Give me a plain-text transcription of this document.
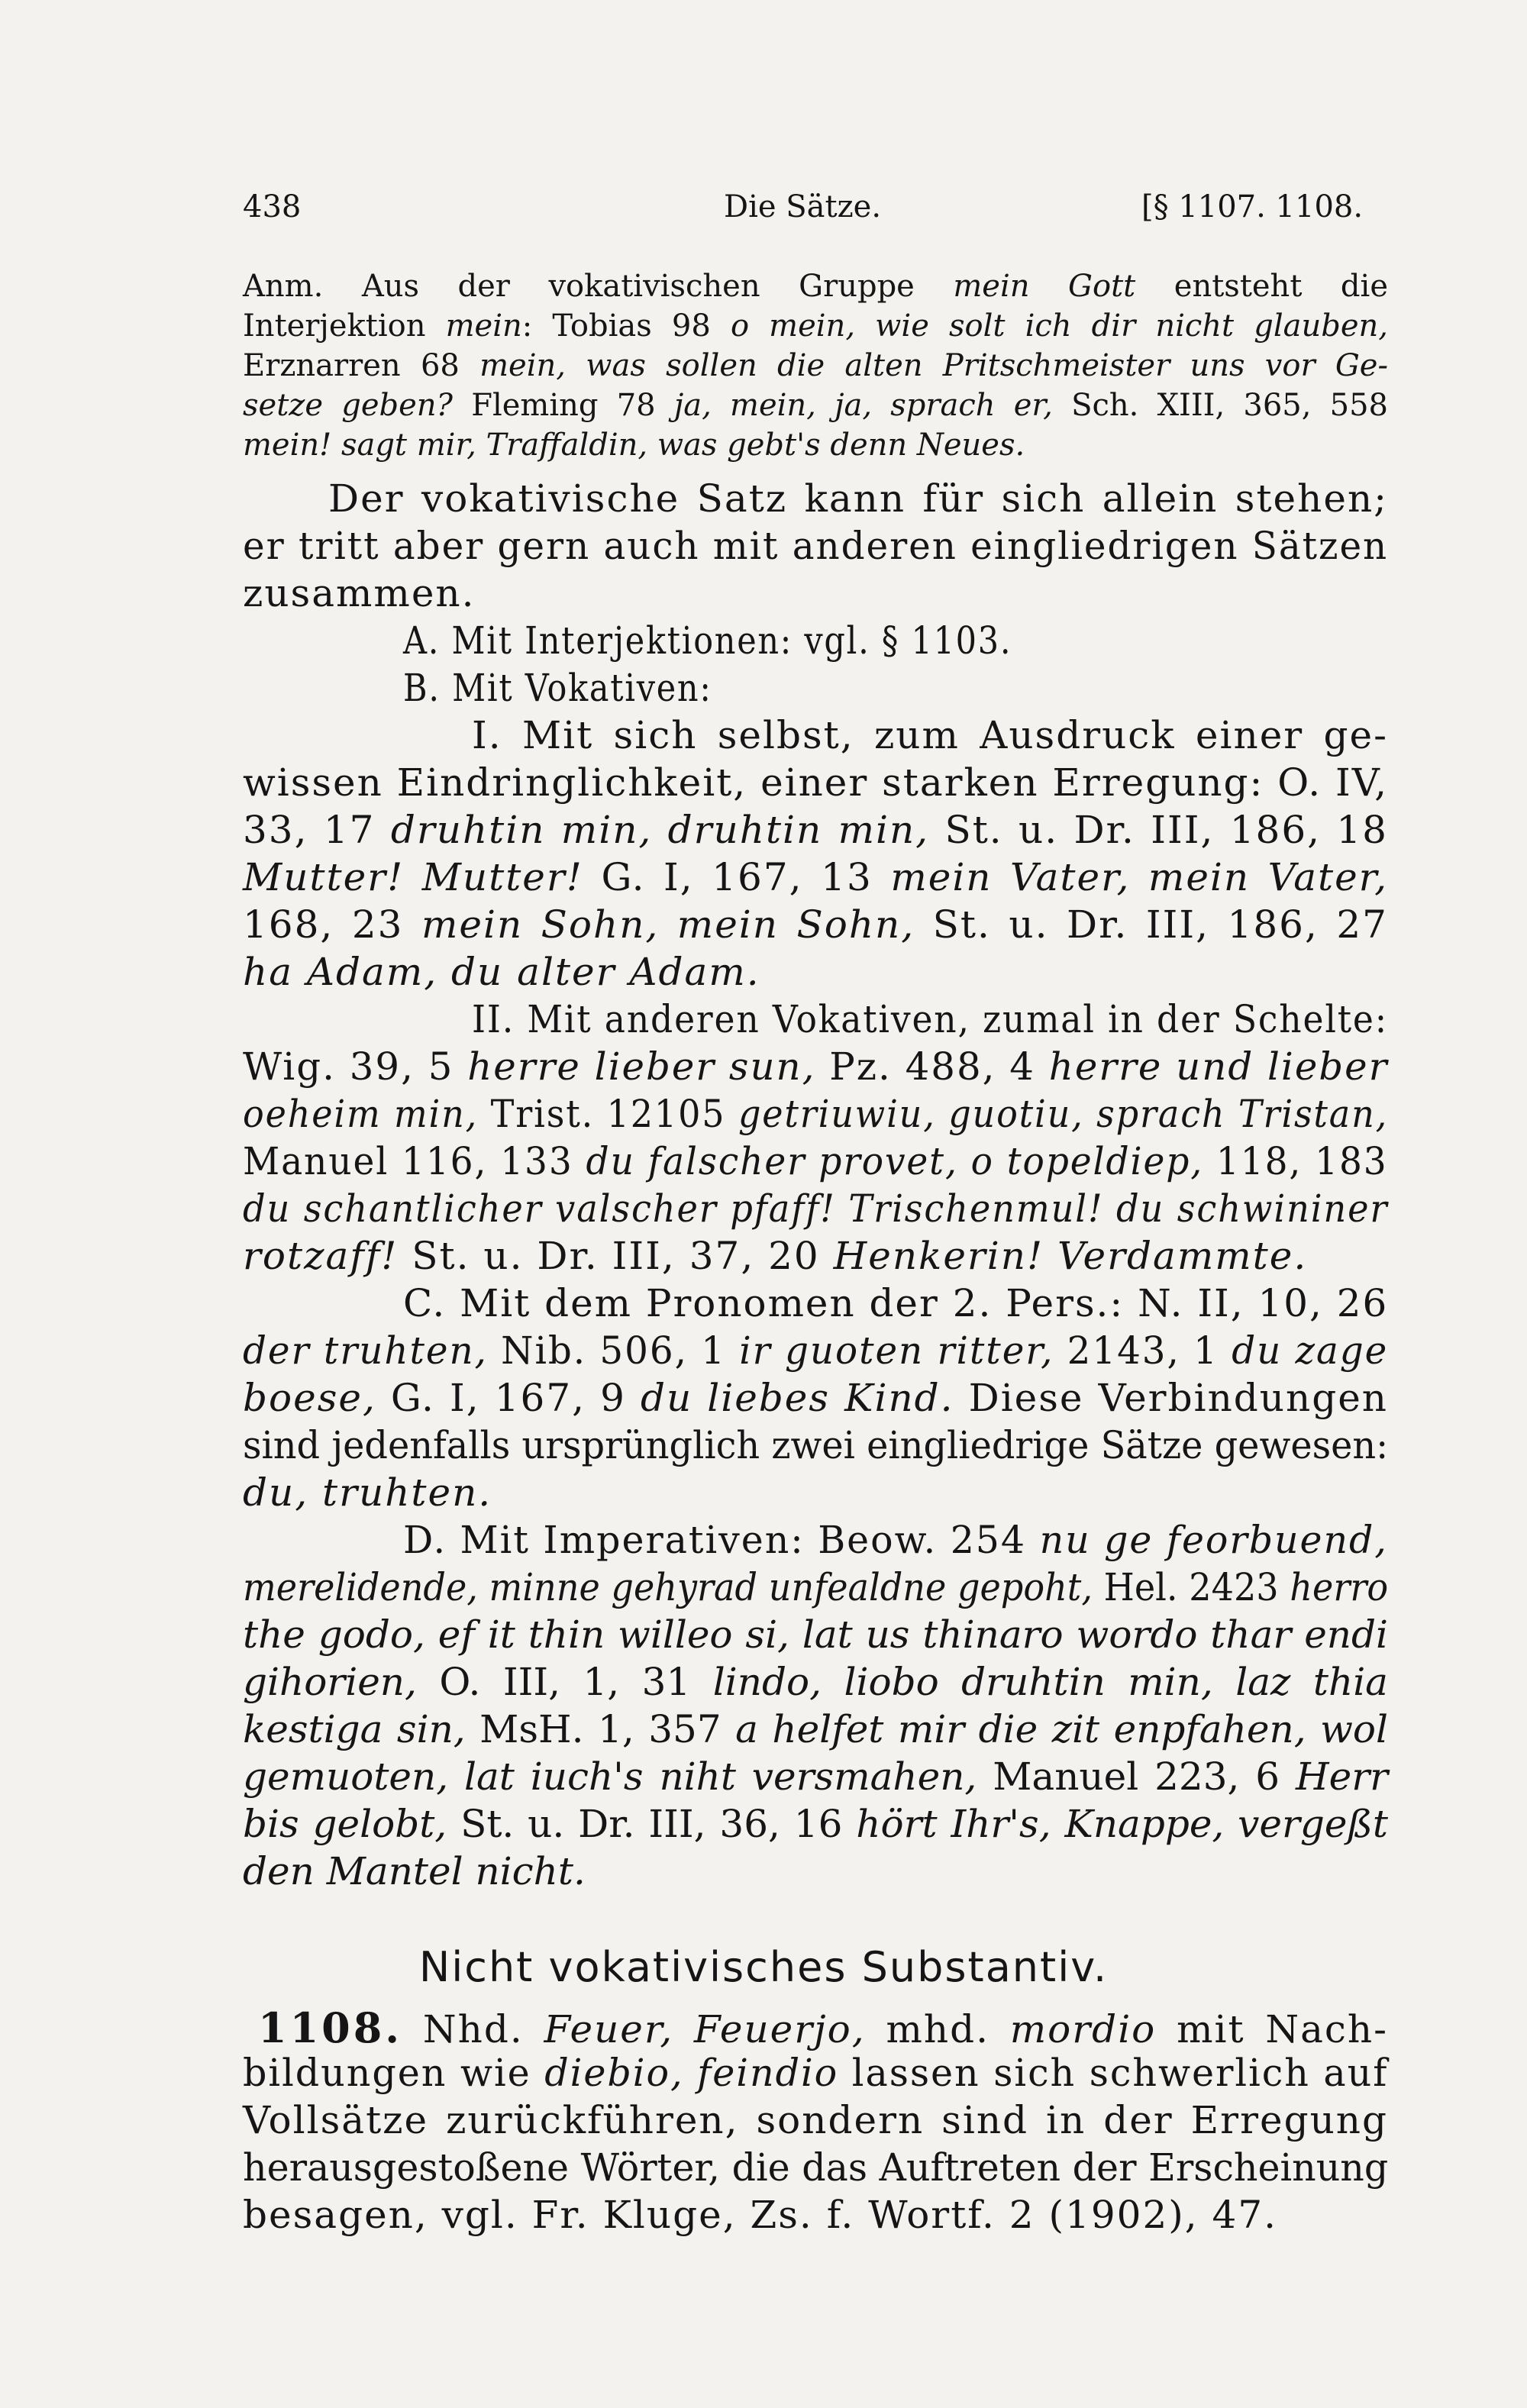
438	Die Sätze.	[§ 1107. 1108.
Anm. Aus der vokativischen Gruppe mein Gott entsteht die
Interjektion mein: Tobias 98 o mein, wie solt ich dir nicht glauben,
Erznarren 68 mein, was sollen die alten Pritschmeister uns vor Ge-
setze geben? Fleming 78 ja, mein, ja, sprach er, Sch. XIII, 365, 558
mein! sagt mir, Traffaldin, was gebt's denn Neues.
Der vokativische Satz kann für sich allein stehen;
er tritt aber gern auch mit anderen eingliedrigen Sätzen
zusammen.
A. Mit Interjektionen: vgl. § 1103.
B. Mit Vokativen:
I. Mit sich selbst, zum Ausdruck einer ge-
wissen Eindringlichkeit, einer starken Erregung: O. IV,
33, 17 druhtin min, druhtin min, St. u. Dr. III, 186, 18
Mutter! Mutter! G. I, 167, 13 mein Vater, mein Vater,
168, 23 mein Sohn, mein Sohn, St. u. Dr. III, 186, 27
ha Adam, du alter Adam.
II. Mit anderen Vokativen, zumal in der Schelte:
Wig. 39, 5 herre lieber sun, Pz. 488, 4 herre und lieber
oeheim min, Trist. 12105 getriuwiu, guotiu, sprach Tristan,
Manuel 116, 133 du falscher provet, o topeldiep, 118, 183
du schantlicher valscher pfaff! Trischenmul! du schwininer
rotzaff! St. u. Dr. III, 37, 20 Henkerin! Verdammte.
C. Mit dem Pronomen der 2. Pers.: N. II, 10, 26
der truhten, Nib. 506, 1 ir guoten ritter, 2143, 1 du zage
boese, G. I, 167, 9 du liebes Kind. Diese Verbindungen
sind jedenfalls ursprünglich zwei eingliedrige Sätze gewesen:
du, truhten.
D. Mit Imperativen: Beow. 254 nu ge feorbuend,
merelidende, minne gehyrad unfealdne gepoht, Hel. 2423 herro
the godo, ef it thin willeo si, lat us thinaro wordo thar endi
gihorien, O. III, 1, 31 lindo, liobo druhtin min, laz thia
kestiga sin, MsH. 1, 357 a helfet mir die zit enpfahen, wol
gemuoten, lat iuch's niht versmahen, Manuel 223, 6 Herr
bis gelobt, St. u. Dr. III, 36, 16 hört Ihr's, Knappe, vergeßt
den Mantel nicht.
Nicht vokativisches Substantiv.
1108. Nhd. Feuer, Feuerjo, mhd. mordio mit Nach-
bildungen wie diebio, feindio lassen sich schwerlich auf
Vollsätze zurückführen, sondern sind in der Erregung
herausgestoßene Wörter, die das Auftreten der Erscheinung
besagen, vgl. Fr. Kluge, Zs. f. Wortf. 2 (1902), 47.
